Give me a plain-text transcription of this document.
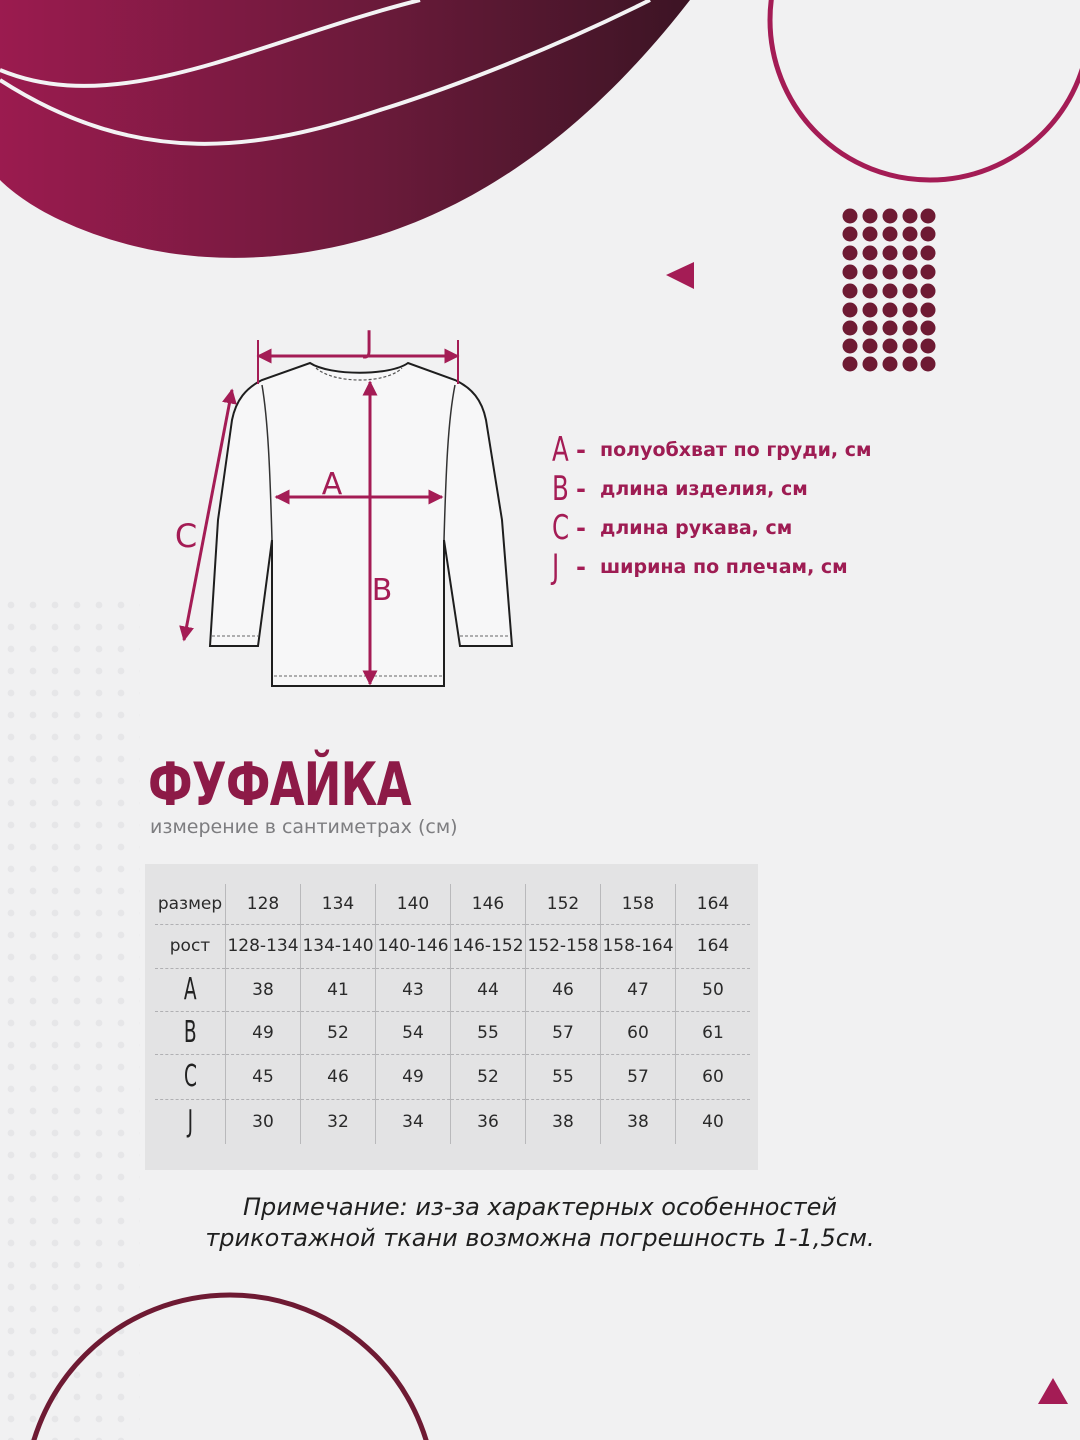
J
A
B
C
A - полуобхват по груди, см
B - длина изделия, см
C - длина рукава, см
J - ширина по плечам, см
ФУФАЙКА
измерение в сантиметрах (см)
размер	128	134	140	146	152	158	164
рост	128-134	134-140	140-146	146-152	152-158	158-164	164
A	38	41	43	44	46	47	50
B	49	52	54	55	57	60	61
C	45	46	49	52	55	57	60
J	30	32	34	36	38	38	40
Примечание: из-за характерных особенностей
трикотажной ткани возможна погрешность 1-1,5см.
